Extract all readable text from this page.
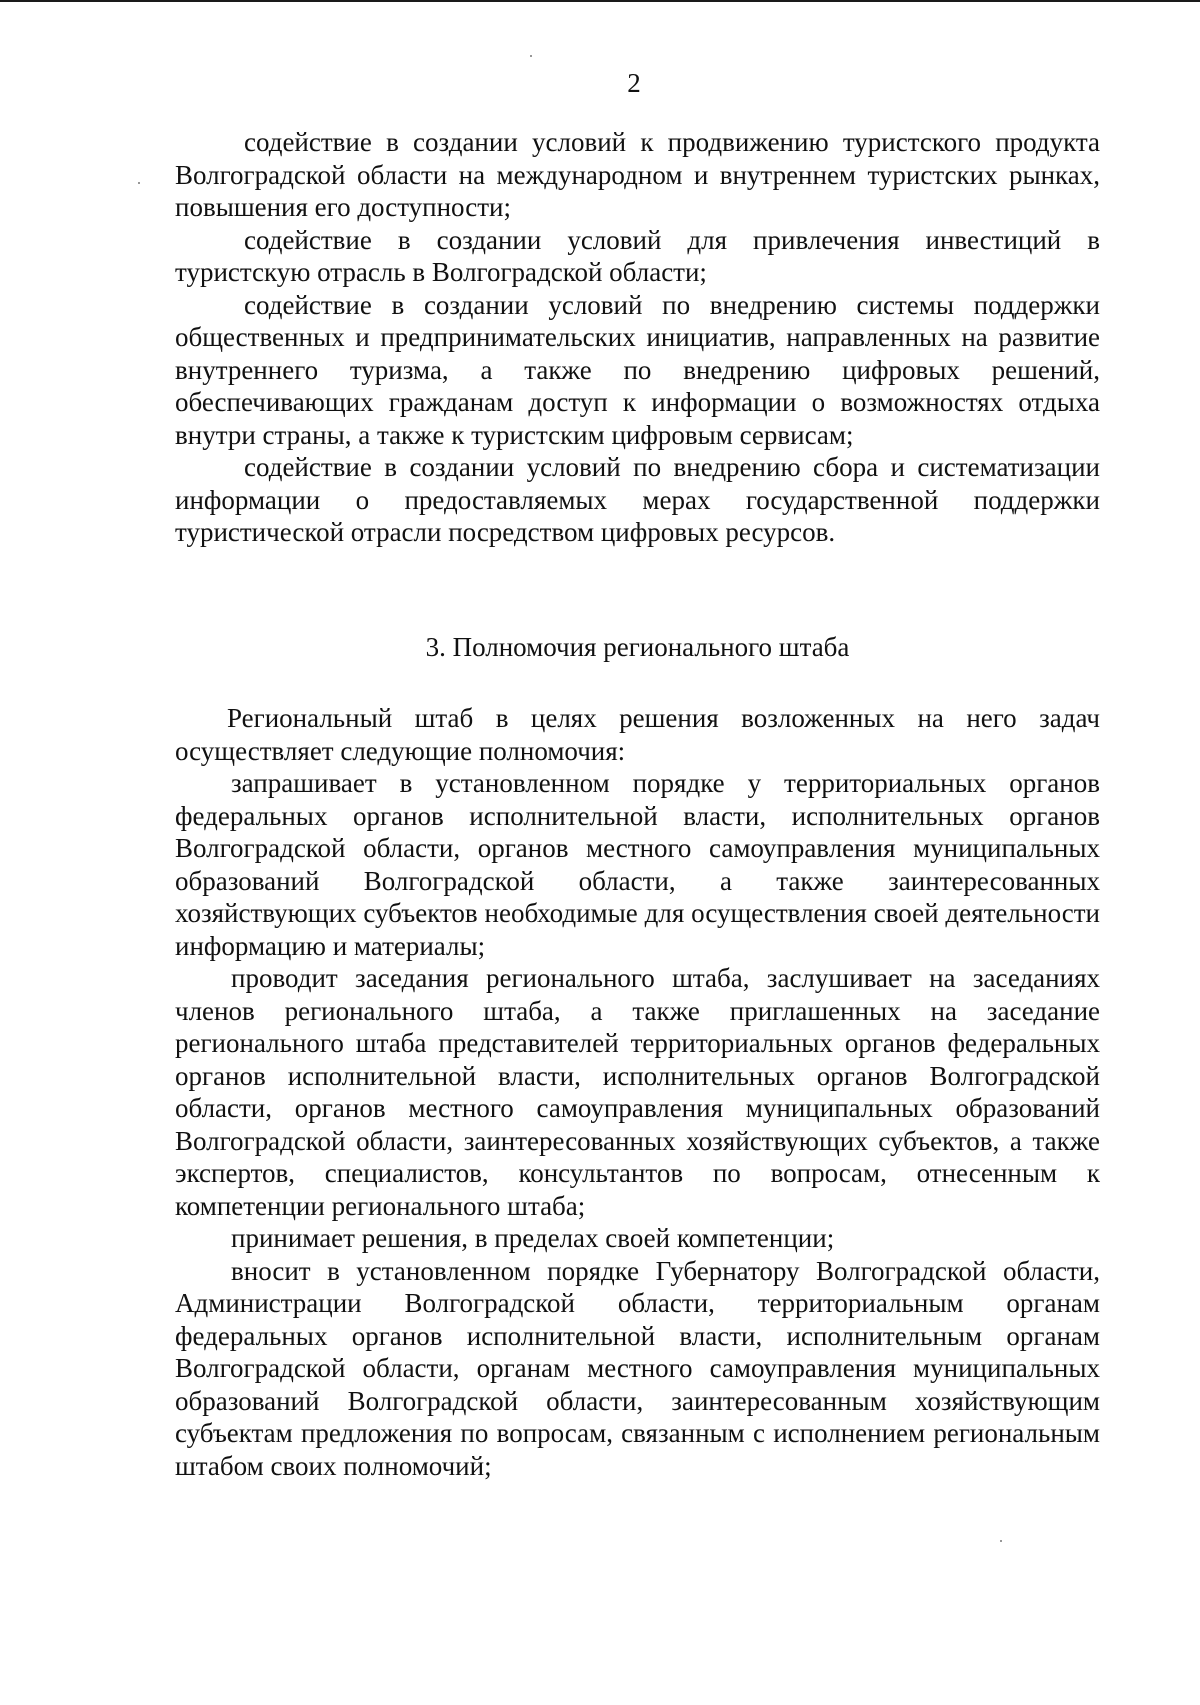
2

содействие в создании условий к продвижению туристского продукта Волгоградской области на международном и внутреннем туристских рынках, повышения его доступности;

содействие в создании условий для привлечения инвестиций в туристскую отрасль в Волгоградской области;

содействие в создании условий по внедрению системы поддержки общественных и предпринимательских инициатив, направленных на развитие внутреннего туризма, а также по внедрению цифровых решений, обеспечивающих гражданам доступ к информации о возможностях отдыха внутри страны, а также к туристским цифровым сервисам;

содействие в создании условий по внедрению сбора и систематизации информации о предоставляемых мерах государственной поддержки туристической отрасли посредством цифровых ресурсов.

3. Полномочия регионального штаба

Региональный штаб в целях решения возложенных на него задач осуществляет следующие полномочия:

запрашивает в установленном порядке у территориальных органов федеральных органов исполнительной власти, исполнительных органов Волгоградской области, органов местного самоуправления муниципальных образований Волгоградской области, а также заинтересованных хозяйствующих субъектов необходимые для осуществления своей деятельности информацию и материалы;

проводит заседания регионального штаба, заслушивает на заседаниях членов регионального штаба, а также приглашенных на заседание регионального штаба представителей территориальных органов федеральных органов исполнительной власти, исполнительных органов Волгоградской области, органов местного самоуправления муниципальных образований Волгоградской области, заинтересованных хозяйствующих субъектов, а также экспертов, специалистов, консультантов по вопросам, отнесенным к компетенции регионального штаба;

принимает решения, в пределах своей компетенции;

вносит в установленном порядке Губернатору Волгоградской области, Администрации Волгоградской области, территориальным органам федеральных органов исполнительной власти, исполнительным органам Волгоградской области, органам местного самоуправления муниципальных образований Волгоградской области, заинтересованным хозяйствующим субъектам предложения по вопросам, связанным с исполнением региональным штабом своих полномочий;
